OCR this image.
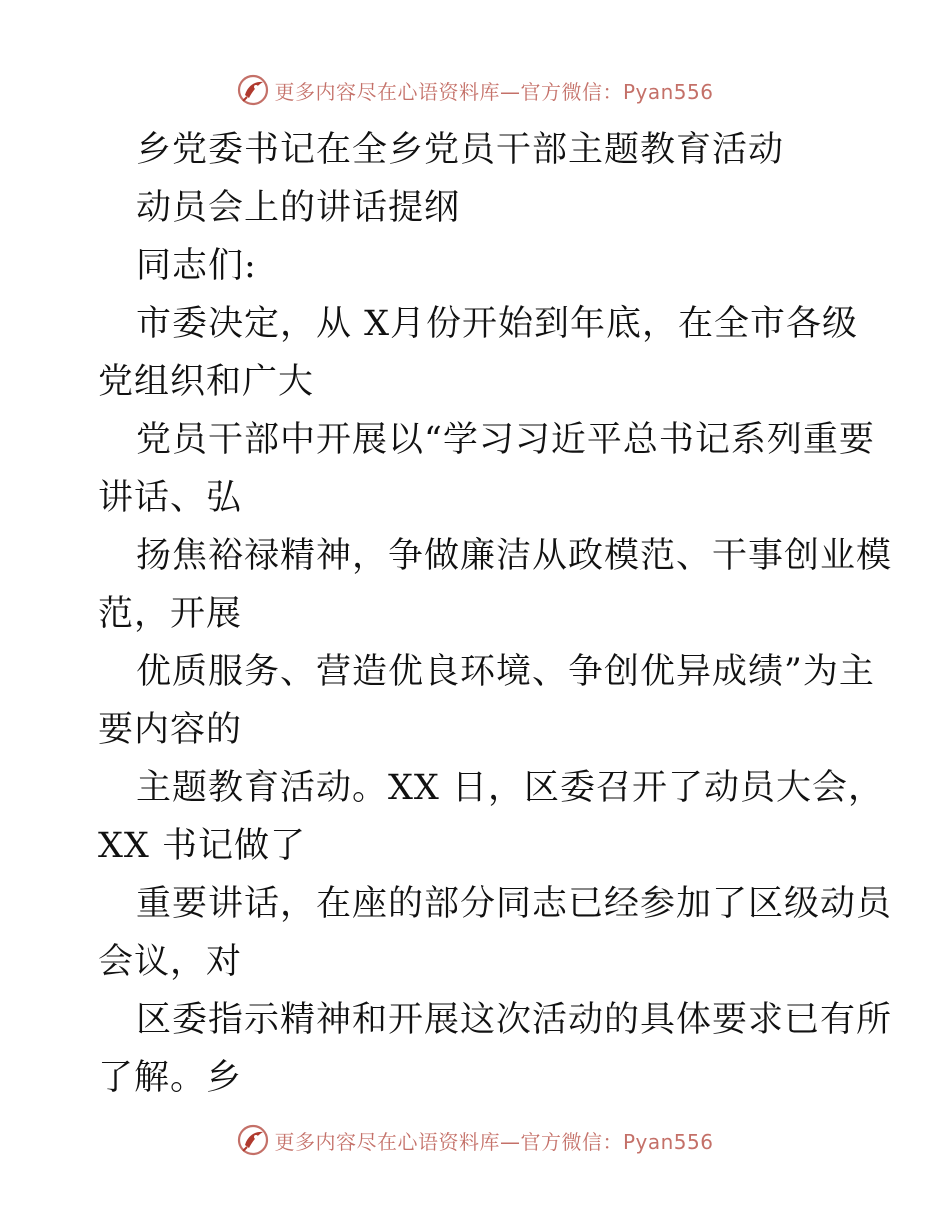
更多内容尽在心语资料库—官方微信：Pyan556
乡党委书记在全乡党员干部主题教育活动
动员会上的讲话提纲
同志们:
市委决定，从 X月份开始到年底，在全市各级
党组织和广大
党员干部中开展以“学习习近平总书记系列重要
讲话、弘
扬焦裕禄精神，争做廉洁从政模范、干事创业模
范，开展
优质服务、营造优良环境、争创优异成绩”为主
要内容的
主题教育活动。XX 日，区委召开了动员大会，
XX 书记做了
重要讲话，在座的部分同志已经参加了区级动员
会议，对
区委指示精神和开展这次活动的具体要求已有所
了解。乡
更多内容尽在心语资料库—官方微信：Pyan556
